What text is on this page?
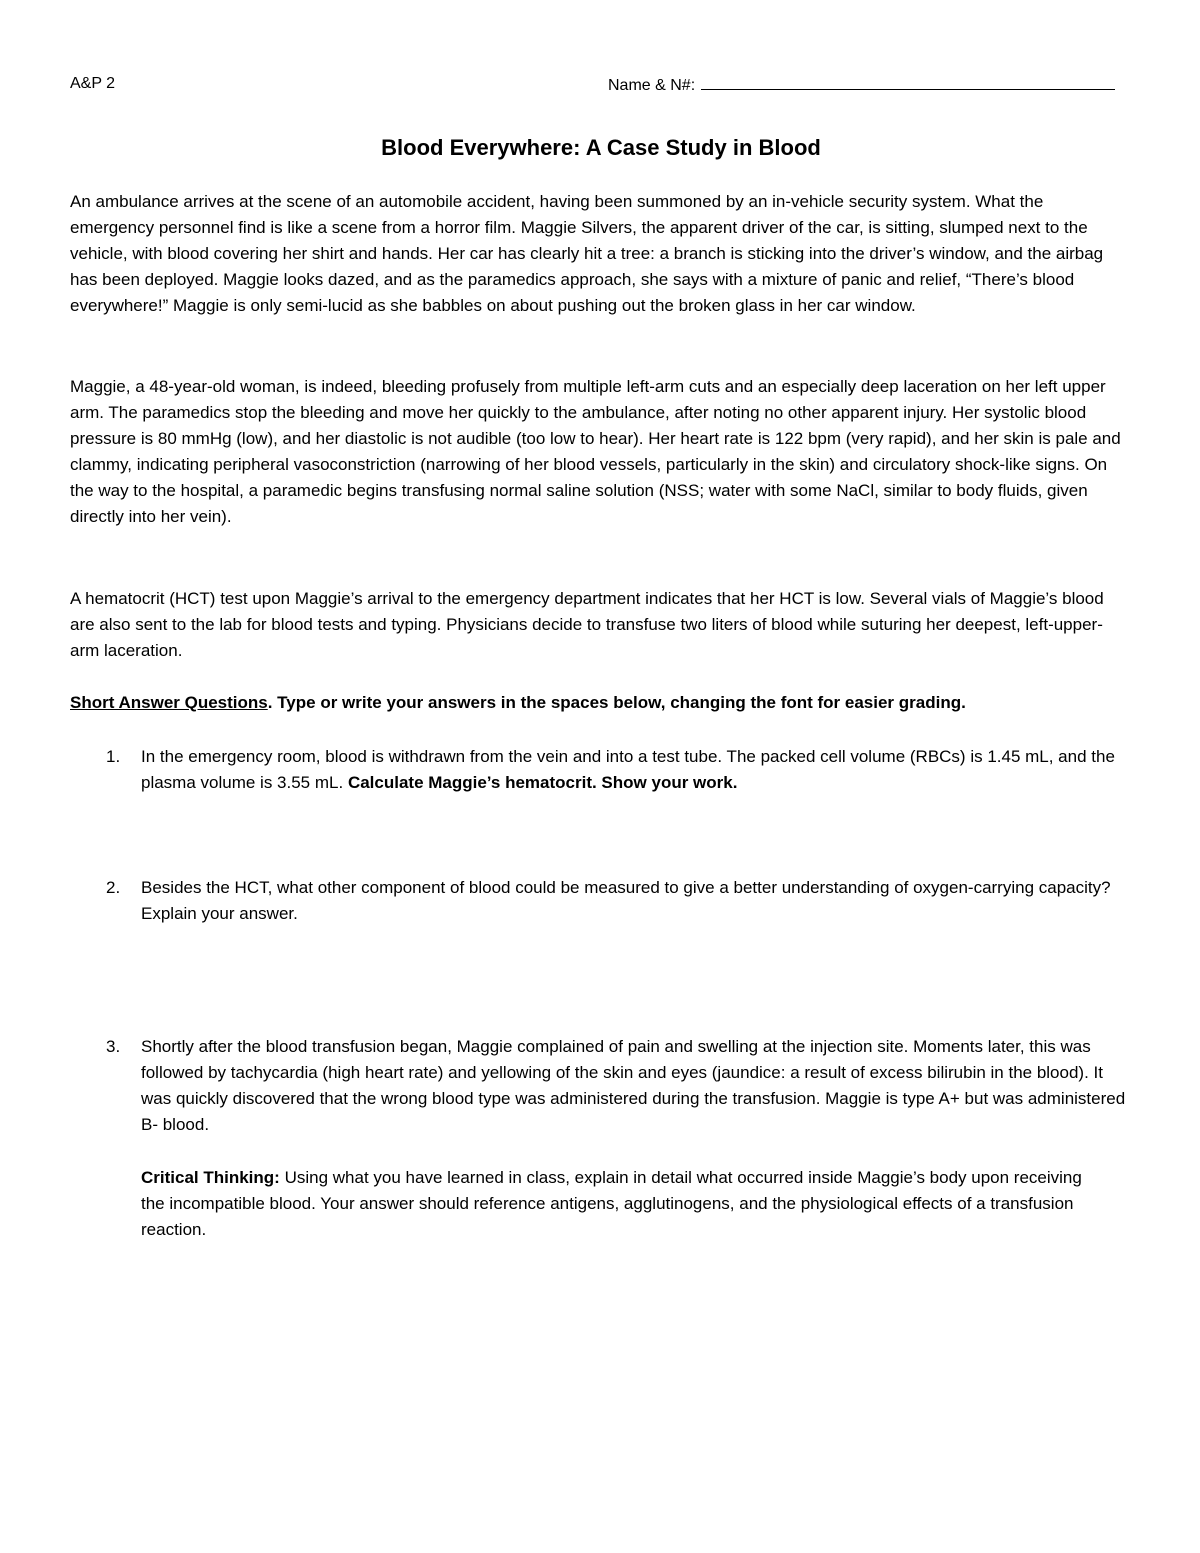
A&P 2	Name & N#:
Blood Everywhere: A Case Study in Blood

An ambulance arrives at the scene of an automobile accident, having been summoned by an in-vehicle security system. What the emergency personnel find is like a scene from a horror film. Maggie Silvers, the apparent driver of the car, is sitting, slumped next to the vehicle, with blood covering her shirt and hands. Her car has clearly hit a tree: a branch is sticking into the driver’s window, and the airbag has been deployed. Maggie looks dazed, and as the paramedics approach, she says with a mixture of panic and relief, “There’s blood everywhere!” Maggie is only semi-lucid as she babbles on about pushing out the broken glass in her car window.

Maggie, a 48-year-old woman, is indeed, bleeding profusely from multiple left-arm cuts and an especially deep laceration on her left upper arm. The paramedics stop the bleeding and move her quickly to the ambulance, after noting no other apparent injury. Her systolic blood pressure is 80 mmHg (low), and her diastolic is not audible (too low to hear). Her heart rate is 122 bpm (very rapid), and her skin is pale and clammy, indicating peripheral vasoconstriction (narrowing of her blood vessels, particularly in the skin) and circulatory shock-like signs. On the way to the hospital, a paramedic begins transfusing normal saline solution (NSS; water with some NaCl, similar to body fluids, given directly into her vein).

A hematocrit (HCT) test upon Maggie’s arrival to the emergency department indicates that her HCT is low. Several vials of Maggie’s blood are also sent to the lab for blood tests and typing. Physicians decide to transfuse two liters of blood while suturing her deepest, left-upper-arm laceration.

Short Answer Questions. Type or write your answers in the spaces below, changing the font for easier grading.
1. In the emergency room, blood is withdrawn from the vein and into a test tube. The packed cell volume (RBCs) is 1.45 mL, and the plasma volume is 3.55 mL. Calculate Maggie’s hematocrit. Show your work.
2. Besides the HCT, what other component of blood could be measured to give a better understanding of oxygen-carrying capacity? Explain your answer.
3. Shortly after the blood transfusion began, Maggie complained of pain and swelling at the injection site. Moments later, this was followed by tachycardia (high heart rate) and yellowing of the skin and eyes (jaundice: a result of excess bilirubin in the blood). It was quickly discovered that the wrong blood type was administered during the transfusion. Maggie is type A+ but was administered B- blood.
Critical Thinking: Using what you have learned in class, explain in detail what occurred inside Maggie’s body upon receiving the incompatible blood. Your answer should reference antigens, agglutinogens, and the physiological effects of a transfusion reaction.
